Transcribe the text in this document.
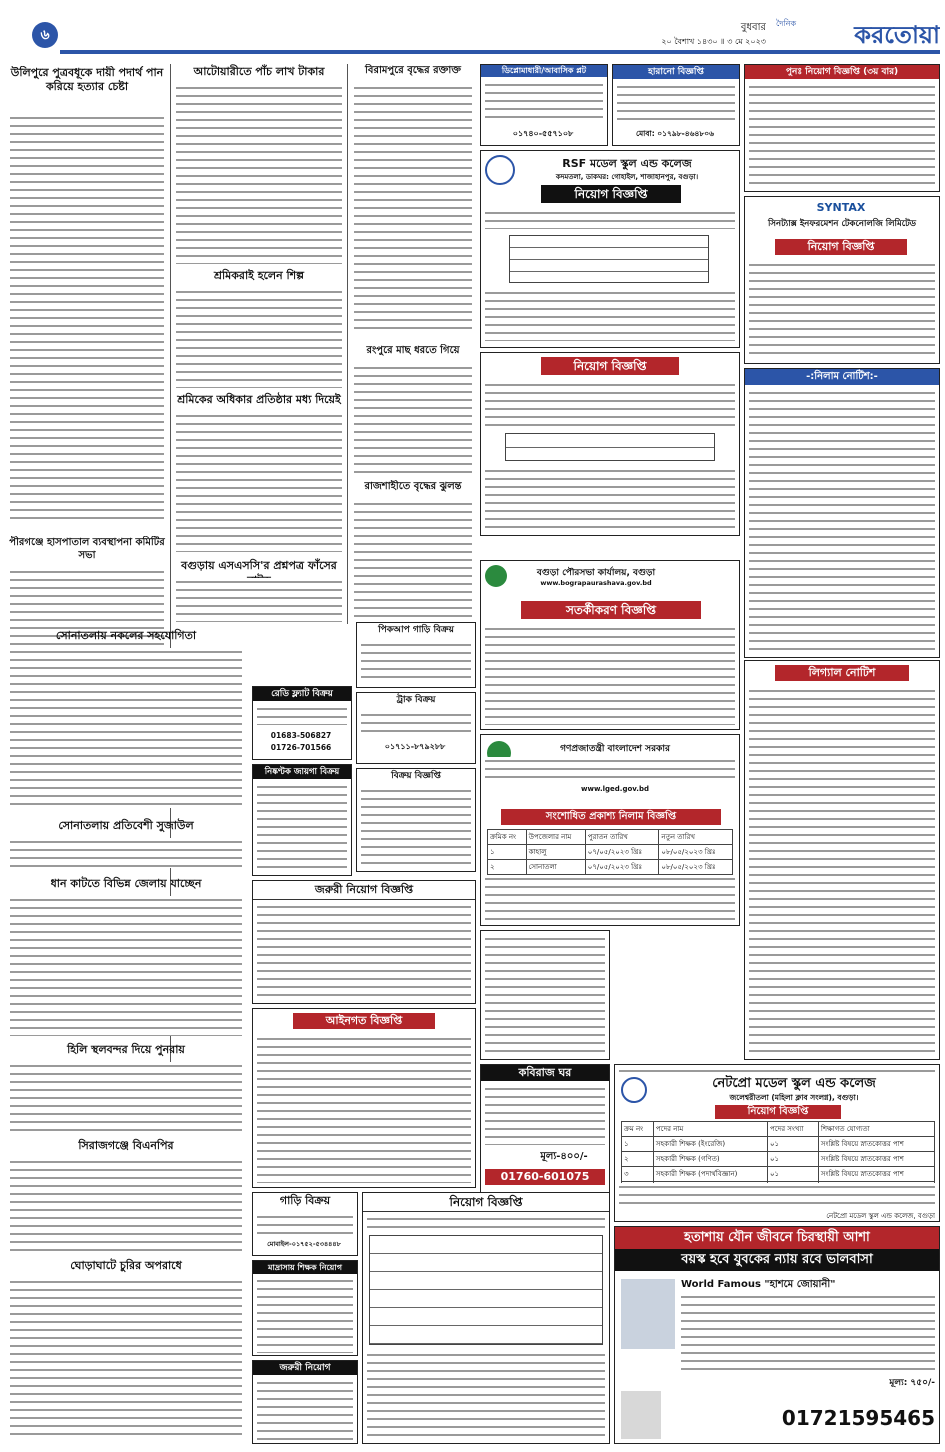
৬	বুধবার
২০ বৈশাখ ১৪৩০ ॥ ৩ মে ২০২৩
দৈনিক	করতোয়া
উলিপুরে পুত্রবধূকে দায়ী পদার্থ পান করিয়ে হত্যার চেষ্টা
পীরগঞ্জে হাসপাতাল ব্যবস্থাপনা কমিটির সভা
আটোয়ারীতে পাঁচ লাখ টাকার
শ্রমিকরাই হলেন শিল্প
শ্রমিকের অধিকার প্রতিষ্ঠার মধ্য দিয়েই
বগুড়ায় এসএসসি'র প্রশ্নপত্র ফাঁসের
সোনাতলায় নকলের সহযোগিতা
সোনাতলায় প্রতিবেশী সুজাউল
ধান কাটতে বিভিন্ন জেলায় যাচ্ছেন
হিলি স্থলবন্দর দিয়ে পুনরায়
সিরাজগঞ্জে বিএনপির
ঘোড়াঘাটে চুরির অপরাধে
বিরামপুরে বৃদ্ধের রক্তাক্ত
রংপুরে মাছ ধরতে গিয়ে
রাজশাহীতে বৃদ্ধের ঝুলন্ত
ডিপ্লোমাধারী/আবাসিক প্লট
০১৭৪০-৫৫৭১০৮
হারানো বিজ্ঞপ্তি
মোবা: ০১৭৯৮-৪৬৪৮০৬
পুনঃ নিয়োগ বিজ্ঞপ্তি (৩য় বার)
RSF মডেল স্কুল এন্ড কলেজ
কদমতলা, ডাকঘর: গোহাইল, শাজাহানপুর, বগুড়া।
নিয়োগ বিজ্ঞপ্তি
SYNTAX
সিনট্যাক্স ইনফরমেশন টেকনোলজি লিমিটেড
নিয়োগ বিজ্ঞপ্তি
নিয়োগ বিজ্ঞপ্তি
-:নিলাম নোটিশ:-
রেডি ফ্ল্যাট বিক্রয়
01683-506827
01726-701566
নিষ্কণ্টক জায়গা বিক্রয়
পিকআপ গাড়ি বিক্রয়
ট্রাক বিক্রয়
০১৭১১-৮৭৯২৮৮
বিক্রয় বিজ্ঞপ্তি
বগুড়া পৌরসভা কার্যালয়, বগুড়া
www.bograpaurashava.gov.bd
সতর্কীকরণ বিজ্ঞপ্তি
লিগ্যাল নোটিশ
গণপ্রজাতন্ত্রী বাংলাদেশ সরকার
www.lged.gov.bd
সংশোধিত প্রকাশ্য নিলাম বিজ্ঞপ্তি
ক্রমিক নং	উপজেলার নাম	পুরাতন তারিখ	নতুন তারিখ
১	কাহালু	০৭/০৫/২০২৩ খ্রিঃ	০৮/০৫/২০২৩ খ্রিঃ
২	সোনাতলা	০৭/০৫/২০২৩ খ্রিঃ	০৮/০৫/২০২৩ খ্রিঃ
জরুরী নিয়োগ বিজ্ঞপ্তি
কবিরাজ ঘর
মূল্য-৪০০/-
01760-601075
আইনগত বিজ্ঞপ্তি
গাড়ি বিক্রয়
মোবাইল-০১৭৫২-৫৩৪৪৪৮
মাদ্রাসায় শিক্ষক নিয়োগ
জরুরী নিয়োগ
নিয়োগ বিজ্ঞপ্তি
নেটপ্রো মডেল স্কুল এন্ড কলেজ
জলেশ্বরীতলা (মহিলা ক্লাব সংলগ্ন), বগুড়া।
নিয়োগ বিজ্ঞপ্তি
ক্রম নং	পদের নাম	পদের সংখ্যা	শিক্ষাগত যোগ্যতা
১	সহকারী শিক্ষক (ইংরেজি)	০১	সংশ্লিষ্ট বিষয়ে স্নাতকোত্তর পাশ
২	সহকারী শিক্ষক (গণিত)	০১	সংশ্লিষ্ট বিষয়ে স্নাতকোত্তর পাশ
৩	সহকারী শিক্ষক (পদার্থবিজ্ঞান)	০১	সংশ্লিষ্ট বিষয়ে স্নাতকোত্তর পাশ

নেটপ্রো মডেল স্কুল এন্ড কলেজ, বগুড়া
হতাশায় যৌন জীবনে চিরস্থায়ী আশা
বয়স্ক হবে যুবকের ন্যায় রবে ভালবাসা
World Famous "হাশমে জোয়ানী"
মূল্য: ৭৫০/-
01721595465
